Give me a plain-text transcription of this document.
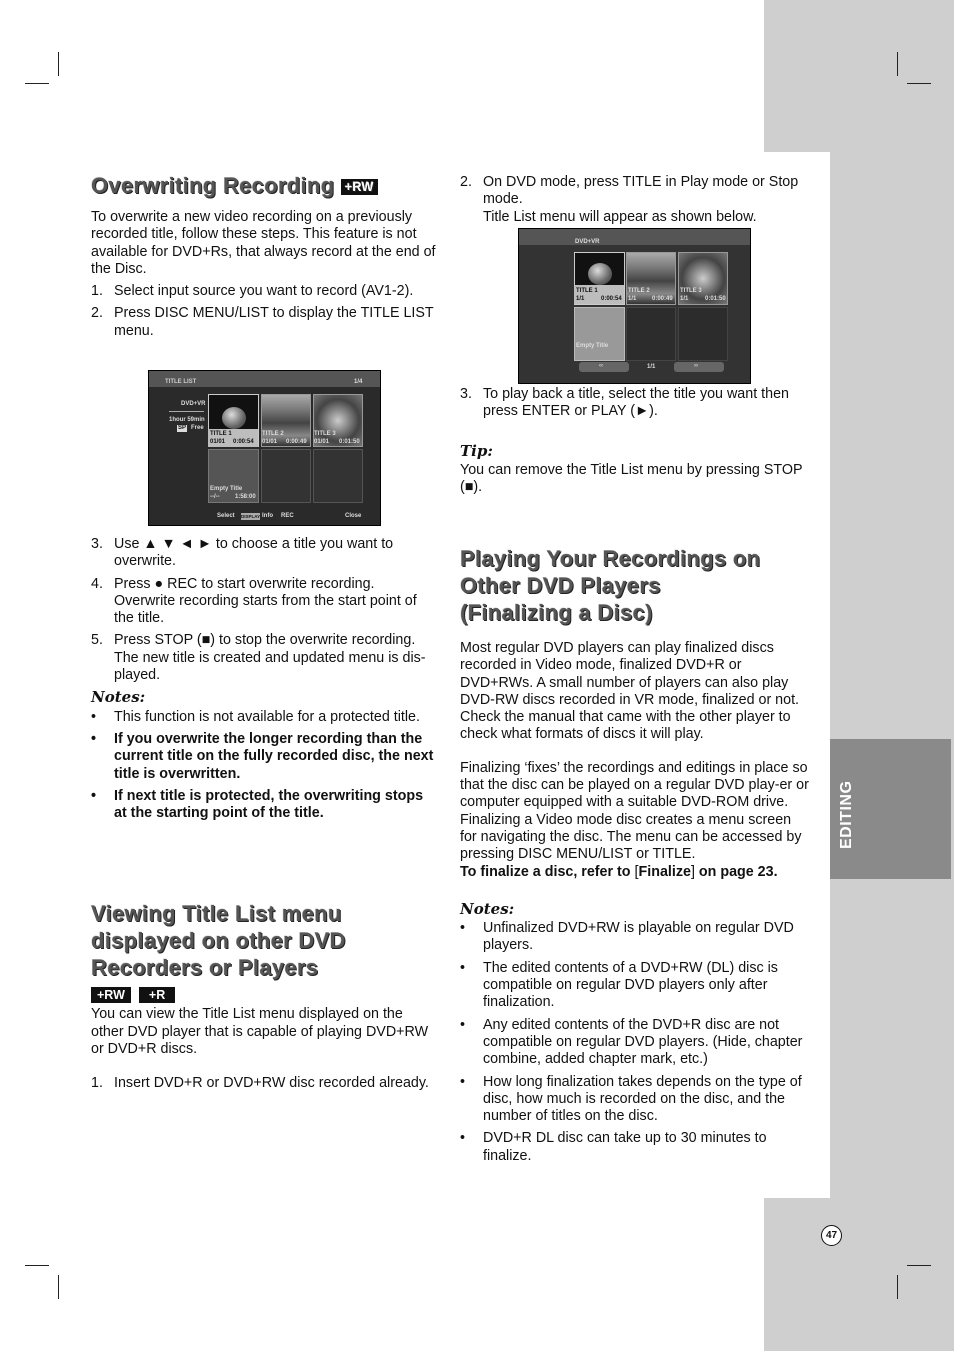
EDITING
Overwriting Recording +RW

To overwrite a new video recording on a previously recorded title, follow these steps. This feature is not available for DVD+Rs, that always record at the end of the Disc.

1. Select input source you want to record (AV1-2).
2. Press DISC MENU/LIST to display the TITLE LIST menu.
TITLE LIST	1/4
DVD+VR
1hour 59min
SP Free
TITLE 1
01/01 0:00:54
TITLE 2
01/01 0:00:49
TITLE 3
01/01 0:01:50
Empty Title
--/--	1:58:00
Select DISPLAY Info REC	Close
3. Use ▲ ▼ ◄ ► to choose a title you want to overwrite.
4. Press ● REC to start overwrite recording. Overwrite recording starts from the start point of the title.
5. Press STOP (■) to stop the overwrite recording. The new title is created and updated menu is dis-played.
Notes:
• This function is not available for a protected title.
• If you overwrite the longer recording than the current title on the fully recorded disc, the next title is overwritten.
• If next title is protected, the overwriting stops at the starting point of the title.
Viewing Title List menu
displayed on other DVD
Recorders or Players
+RW +R

You can view the Title List menu displayed on the other DVD player that is capable of playing DVD+RW or DVD+R discs.

1. Insert DVD+R or DVD+RW disc recorded already.
2. On DVD mode, press TITLE in Play mode or Stop mode.
Title List menu will appear as shown below.
DVD+VR
TITLE 1
1/1	0:00:54
TITLE 2
1/1	0:00:49
TITLE 3
1/1	0:01:50
Empty Title
‹‹	1/1	››
3. To play back a title, select the title you want then press ENTER or PLAY (►).
Tip:

You can remove the Title List menu by pressing STOP (■).

Playing Your Recordings on
Other DVD Players
(Finalizing a Disc)

Most regular DVD players can play finalized discs recorded in Video mode, finalized DVD+R or DVD+RWs. A small number of players can also play DVD-RW discs recorded in VR mode, finalized or not. Check the manual that came with the other player to check what formats of discs it will play.

Finalizing ‘fixes’ the recordings and editings in place so that the disc can be played on a regular DVD play-er or computer equipped with a suitable DVD-ROM drive.

Finalizing a Video mode disc creates a menu screen for navigating the disc. The menu can be accessed by pressing DISC MENU/LIST or TITLE.

To finalize a disc, refer to [Finalize] on page 23.

Notes:
• Unfinalized DVD+RW is playable on regular DVD players.
• The edited contents of a DVD+RW (DL) disc is compatible on regular DVD players only after finalization.
• Any edited contents of the DVD+R disc are not compatible on regular DVD players. (Hide, chapter combine, added chapter mark, etc.)
• How long finalization takes depends on the type of disc, how much is recorded on the disc, and the number of titles on the disc.
• DVD+R DL disc can take up to 30 minutes to finalize.
47
